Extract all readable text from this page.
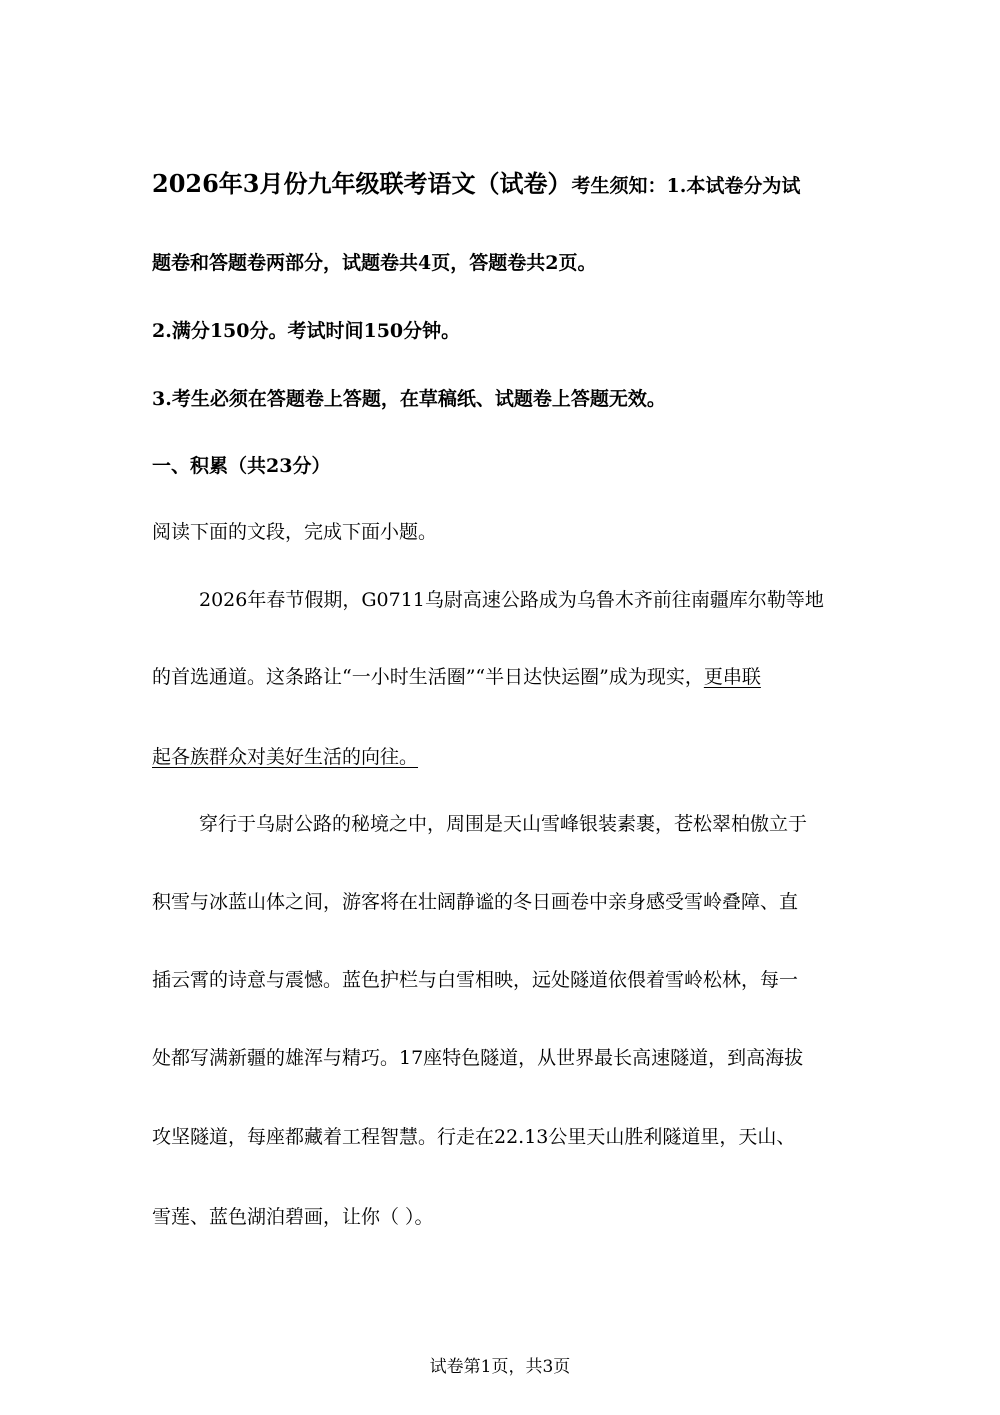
2026年3月份九年级联考语文（试卷）考生须知：1.本试卷分为试
题卷和答题卷两部分，试题卷共4页，答题卷共2页。
2.满分150分。考试时间150分钟。
3.考生必须在答题卷上答题，在草稿纸、试题卷上答题无效。
一、积累（共23分）
阅读下面的文段，完成下面小题。
2026年春节假期，G0711乌尉高速公路成为乌鲁木齐前往南疆库尔勒等地
的首选通道。这条路让“一小时生活圈”“半日达快运圈”成为现实，更串联
起各族群众对美好生活的向往。
穿行于乌尉公路的秘境之中，周围是天山雪峰银装素裹，苍松翠柏傲立于
积雪与冰蓝山体之间，游客将在壮阔静谧的冬日画卷中亲身感受雪岭叠障、直
插云霄的诗意与震憾。蓝色护栏与白雪相映，远处隧道依偎着雪岭松林，每一
处都写满新疆的雄浑与精巧。17座特色隧道，从世界最长高速隧道，到高海拔
攻坚隧道，每座都藏着工程智慧。行走在22.13公里天山胜利隧道里，天山、
雪莲、蓝色湖泊碧画，让你（ ）。
试卷第1页，共3页
